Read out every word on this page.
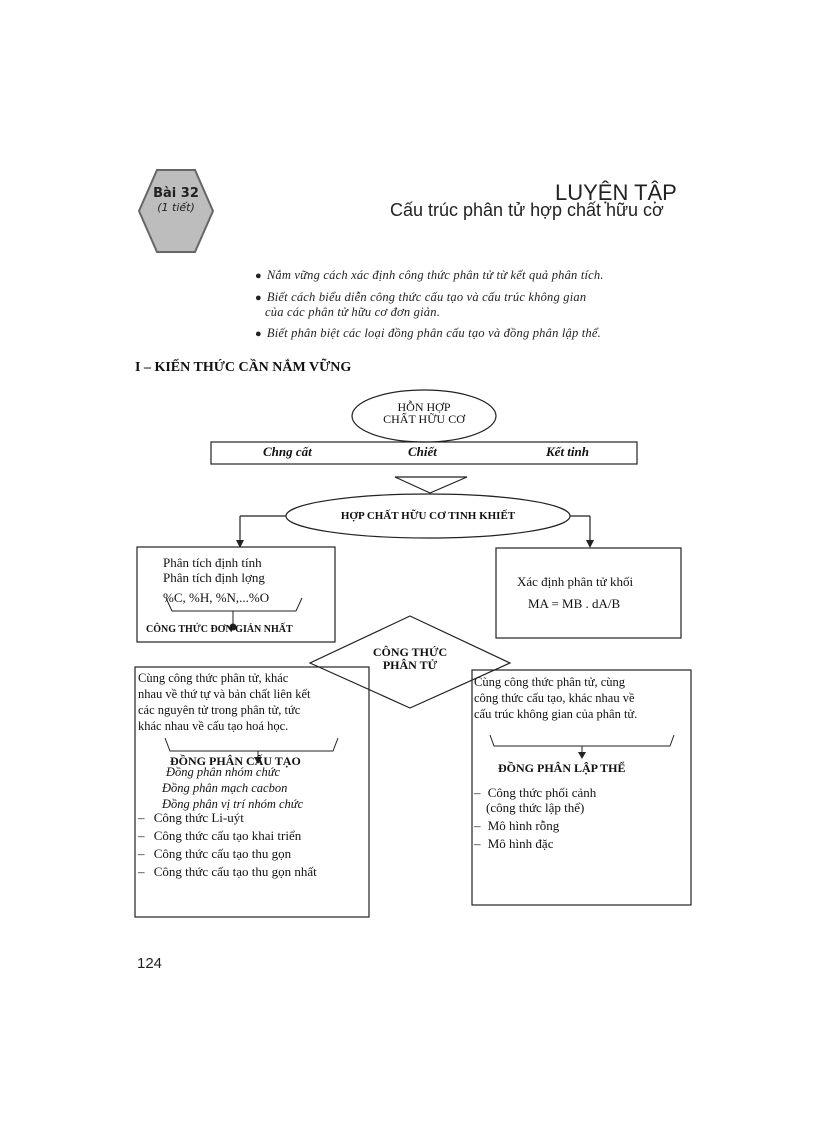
Bài 32
(1 tiết)
LUYỆN TẬP
Cấu trúc phân tử hợp chất hữu cơ
● Nắm vững cách xác định công thức phân tử từ kết quả phân tích.
● Biết cách biểu diễn công thức cấu tạo và cấu trúc không gian
của các phân tử hữu cơ đơn giản.
● Biết phân biệt các loại đồng phân cấu tạo và đồng phân lập thể.
I – KIẾN THỨC CẦN NẮM VỮNG
HỖN HỢP
CHẤT HỮU CƠ
Chng cất	Chiết	Kết tinh
HỢP CHẤT HỮU CƠ TINH KHIẾT
Phân tích định tính
Phân tích định lợng
%C, %H, %N,...%O
CÔNG THỨC ĐƠN GIẢN NHẤT
Xác định phân tử khối
MA = MB . dA/B
CÔNG THỨC
PHÂN TỬ
Cùng công thức phân tử, khác
nhau về thứ tự và bản chất liên kết
các nguyên tử trong phân tử, tức
khác nhau về cấu tạo hoá học.
ĐỒNG PHÂN CẤU TẠO
Đồng phân nhóm chức
Đồng phân mạch cacbon
Đồng phân vị trí nhóm chức
– Công thức Li-uýt
– Công thức cấu tạo khai triển
– Công thức cấu tạo thu gọn
– Công thức cấu tạo thu gọn nhất
Cùng công thức phân tử, cùng
công thức cấu tạo, khác nhau về
cấu trúc không gian của phân tử.
ĐỒNG PHÂN LẬP THỂ
– Công thức phối cảnh
(công thức lập thể)
– Mô hình rỗng
– Mô hình đặc
124
